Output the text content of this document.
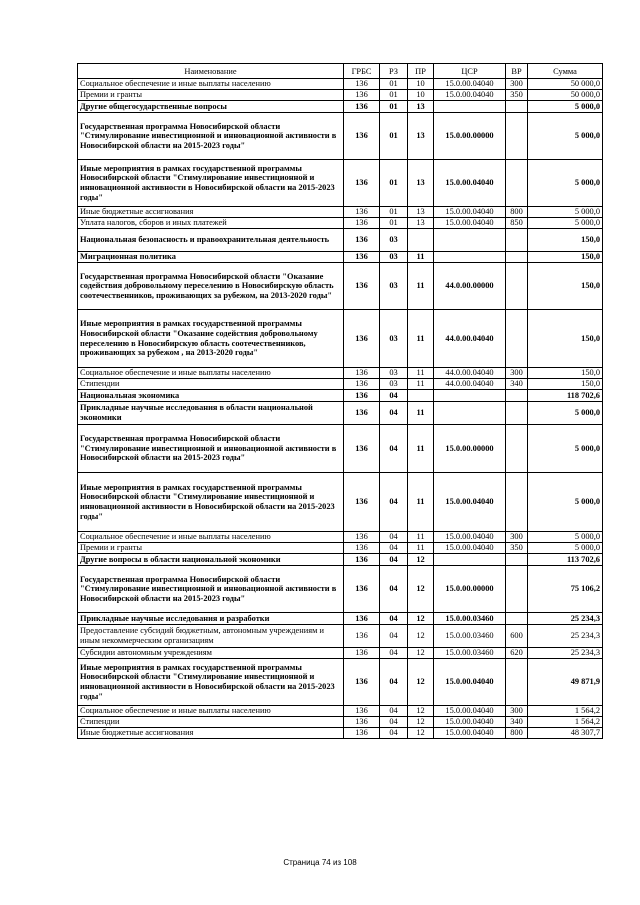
Наименование	ГРБС	РЗ	ПР	ЦСР	ВР	Сумма
Социальное обеспечение и иные выплаты населению	136	01	10	15.0.00.04040	300	50 000,0
Премии и гранты	136	01	10	15.0.00.04040	350	50 000,0
Другие общегосударственные вопросы	136	01	13			5 000,0
Государственная программа Новосибирской области "Стимулирование инвестиционной и инновационной активности в Новосибирской области на 2015-2023 годы"	136	01	13	15.0.00.00000		5 000,0
Иные мероприятия в рамках государственной программы Новосибирской области "Стимулирование инвестиционной и инновационной активности в Новосибирской области на 2015-2023 годы"	136	01	13	15.0.00.04040		5 000,0
Иные бюджетные ассигнования	136	01	13	15.0.00.04040	800	5 000,0
Уплата налогов, сборов и иных платежей	136	01	13	15.0.00.04040	850	5 000,0
Национальная безопасность и правоохранительная деятельность	136	03				150,0
Миграционная политика	136	03	11			150,0
Государственная программа Новосибирской области "Оказание содействия добровольному переселению в Новосибирскую область соотечественников, проживающих за рубежом, на 2013-2020 годы"	136	03	11	44.0.00.00000		150,0
Иные мероприятия в рамках государственной программы Новосибирской области "Оказание содействия добровольному переселению в Новосибирскую область соотечественников, проживающих за рубежом , на 2013-2020 годы"	136	03	11	44.0.00.04040		150,0
Социальное обеспечение и иные выплаты населению	136	03	11	44.0.00.04040	300	150,0
Стипендии	136	03	11	44.0.00.04040	340	150,0
Национальная экономика	136	04				118 702,6
Прикладные научные исследования в области национальной экономики	136	04	11			5 000,0
Государственная программа Новосибирской области "Стимулирование инвестиционной и инновационной активности в Новосибирской области на 2015-2023 годы"	136	04	11	15.0.00.00000		5 000,0
Иные мероприятия в рамках государственной программы Новосибирской области "Стимулирование инвестиционной и инновационной активности в Новосибирской области на 2015-2023 годы"	136	04	11	15.0.00.04040		5 000,0
Социальное обеспечение и иные выплаты населению	136	04	11	15.0.00.04040	300	5 000,0
Премии и гранты	136	04	11	15.0.00.04040	350	5 000,0
Другие вопросы в области национальной экономики	136	04	12			113 702,6
Государственная программа Новосибирской области "Стимулирование инвестиционной и инновационной активности в Новосибирской области на 2015-2023 годы"	136	04	12	15.0.00.00000		75 106,2
Прикладные научные исследования и разработки	136	04	12	15.0.00.03460		25 234,3
Предоставление субсидий бюджетным, автономным учреждениям и иным некоммерческим организациям	136	04	12	15.0.00.03460	600	25 234,3
Субсидии автономным учреждениям	136	04	12	15.0.00.03460	620	25 234,3
Иные мероприятия в рамках государственной программы Новосибирской области "Стимулирование инвестиционной и инновационной активности в Новосибирской области на 2015-2023 годы"	136	04	12	15.0.00.04040		49 871,9
Социальное обеспечение и иные выплаты населению	136	04	12	15.0.00.04040	300	1 564,2
Стипендии	136	04	12	15.0.00.04040	340	1 564,2
Иные бюджетные ассигнования	136	04	12	15.0.00.04040	800	48 307,7
Страница 74 из 108
